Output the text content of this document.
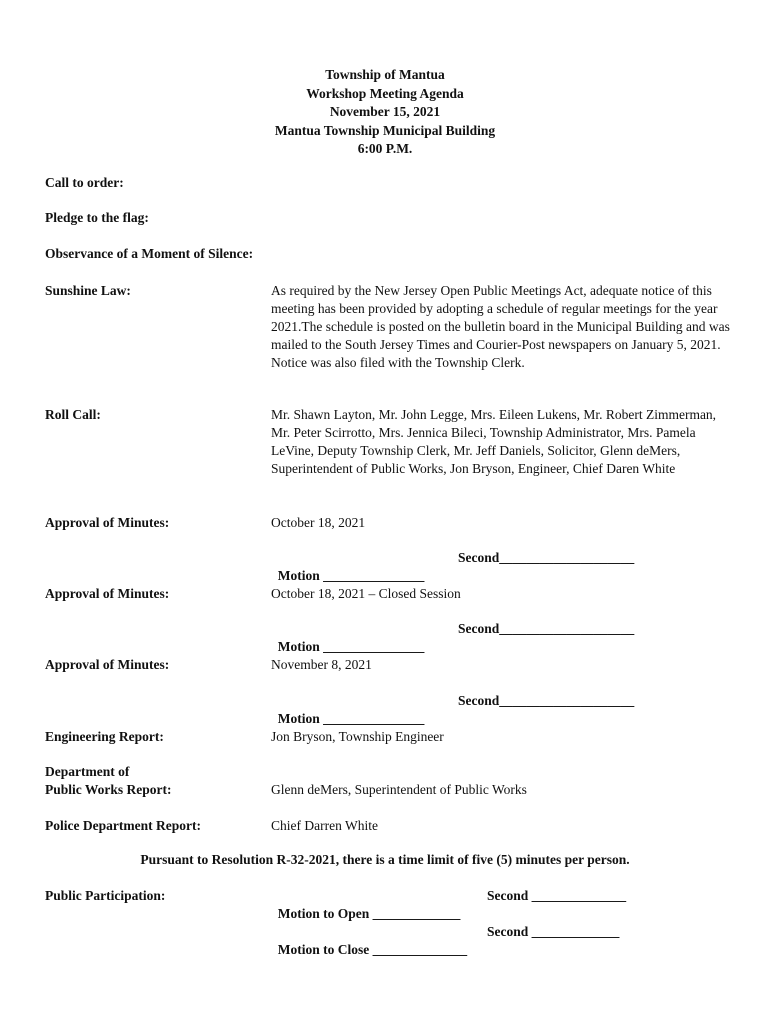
Township of Mantua
Workshop Meeting Agenda
November 15, 2021
Mantua Township Municipal Building
6:00 P.M.
Call to order:
Pledge to the flag:
Observance of a Moment of Silence:
Sunshine Law:	As required by the New Jersey Open Public Meetings Act, adequate notice of this meeting has been provided by adopting a schedule of regular meetings for the year 2021.The schedule is posted on the bulletin board in the Municipal Building and was mailed to the South Jersey Times and Courier-Post newspapers on January 5, 2021. Notice was also filed with the Township Clerk.
Roll Call:	Mr. Shawn Layton, Mr. John Legge, Mrs. Eileen Lukens, Mr. Robert Zimmerman, Mr. Peter Scirrotto, Mrs. Jennica Bileci, Township Administrator, Mrs. Pamela LeVine, Deputy Township Clerk, Mr. Jeff Daniels, Solicitor, Glenn deMers, Superintendent of Public Works, Jon Bryson, Engineer, Chief Daren White
Approval of Minutes:	October 18, 2021

Motion _______________

Second____________________

Approval of Minutes:	October 18, 2021 – Closed Session

Motion _______________

Second____________________

Approval of Minutes:	November 8, 2021

Motion _______________

Second____________________

Engineering Report:	Jon Bryson, Township Engineer
Department of
Public Works Report:	Glenn deMers, Superintendent of Public Works
Police Department Report:	Chief Darren White
Pursuant to Resolution R-32-2021, there is a time limit of five (5) minutes per person.
Public Participation:

Motion to Open _____________

Second ______________

Motion to Close ______________

Second _____________
